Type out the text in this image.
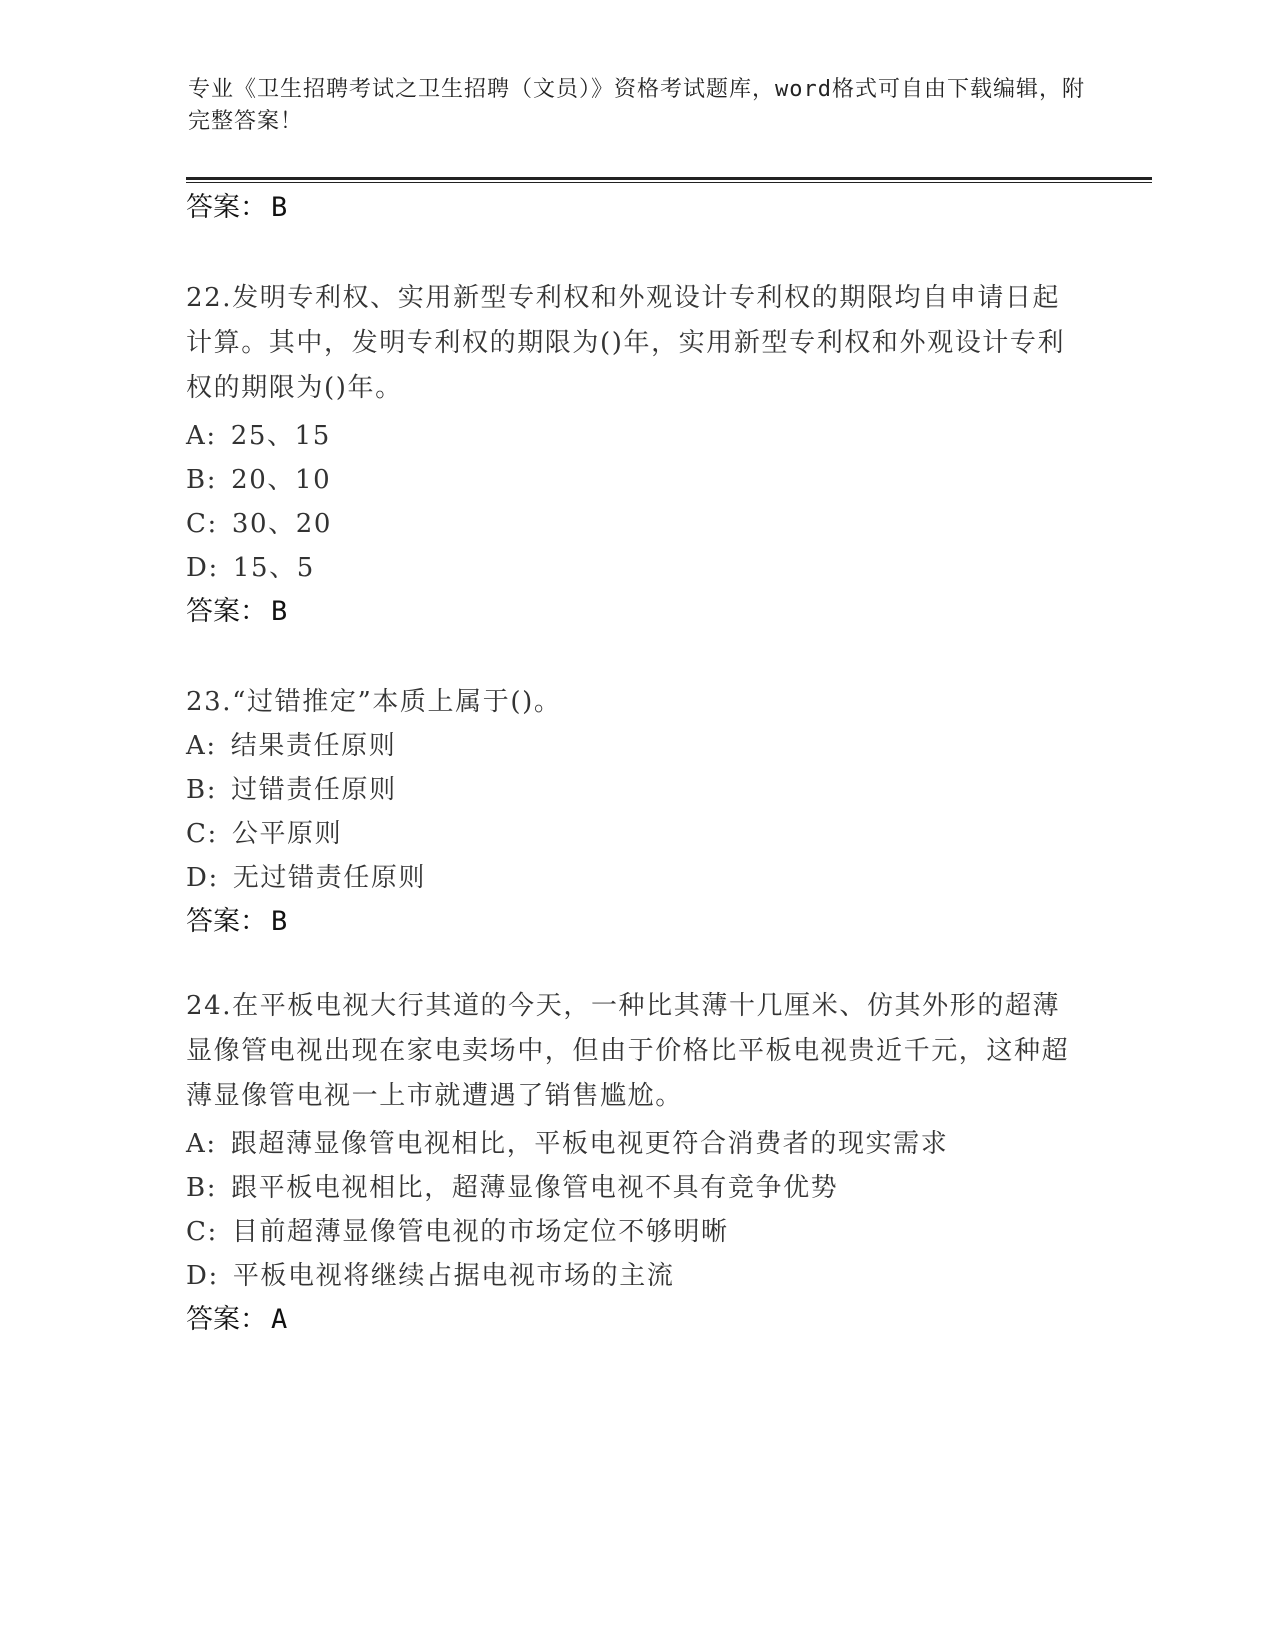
专业《卫生招聘考试之卫生招聘（文员）》资格考试题库，word格式可自由下载编辑，附完整答案！
答案： B
22.发明专利权、实用新型专利权和外观设计专利权的期限均自申请日起计算。其中，发明专利权的期限为()年，实用新型专利权和外观设计专利权的期限为()年。
A: 25、15
B: 20、10
C: 30、20
D: 15、5
答案： B
23.“过错推定”本质上属于()。
A: 结果责任原则
B: 过错责任原则
C: 公平原则
D: 无过错责任原则
答案： B
24.在平板电视大行其道的今天，一种比其薄十几厘米、仿其外形的超薄显像管电视出现在家电卖场中，但由于价格比平板电视贵近千元，这种超薄显像管电视一上市就遭遇了销售尴尬。
A: 跟超薄显像管电视相比，平板电视更符合消费者的现实需求
B: 跟平板电视相比，超薄显像管电视不具有竞争优势
C: 目前超薄显像管电视的市场定位不够明晰
D: 平板电视将继续占据电视市场的主流
答案： A
